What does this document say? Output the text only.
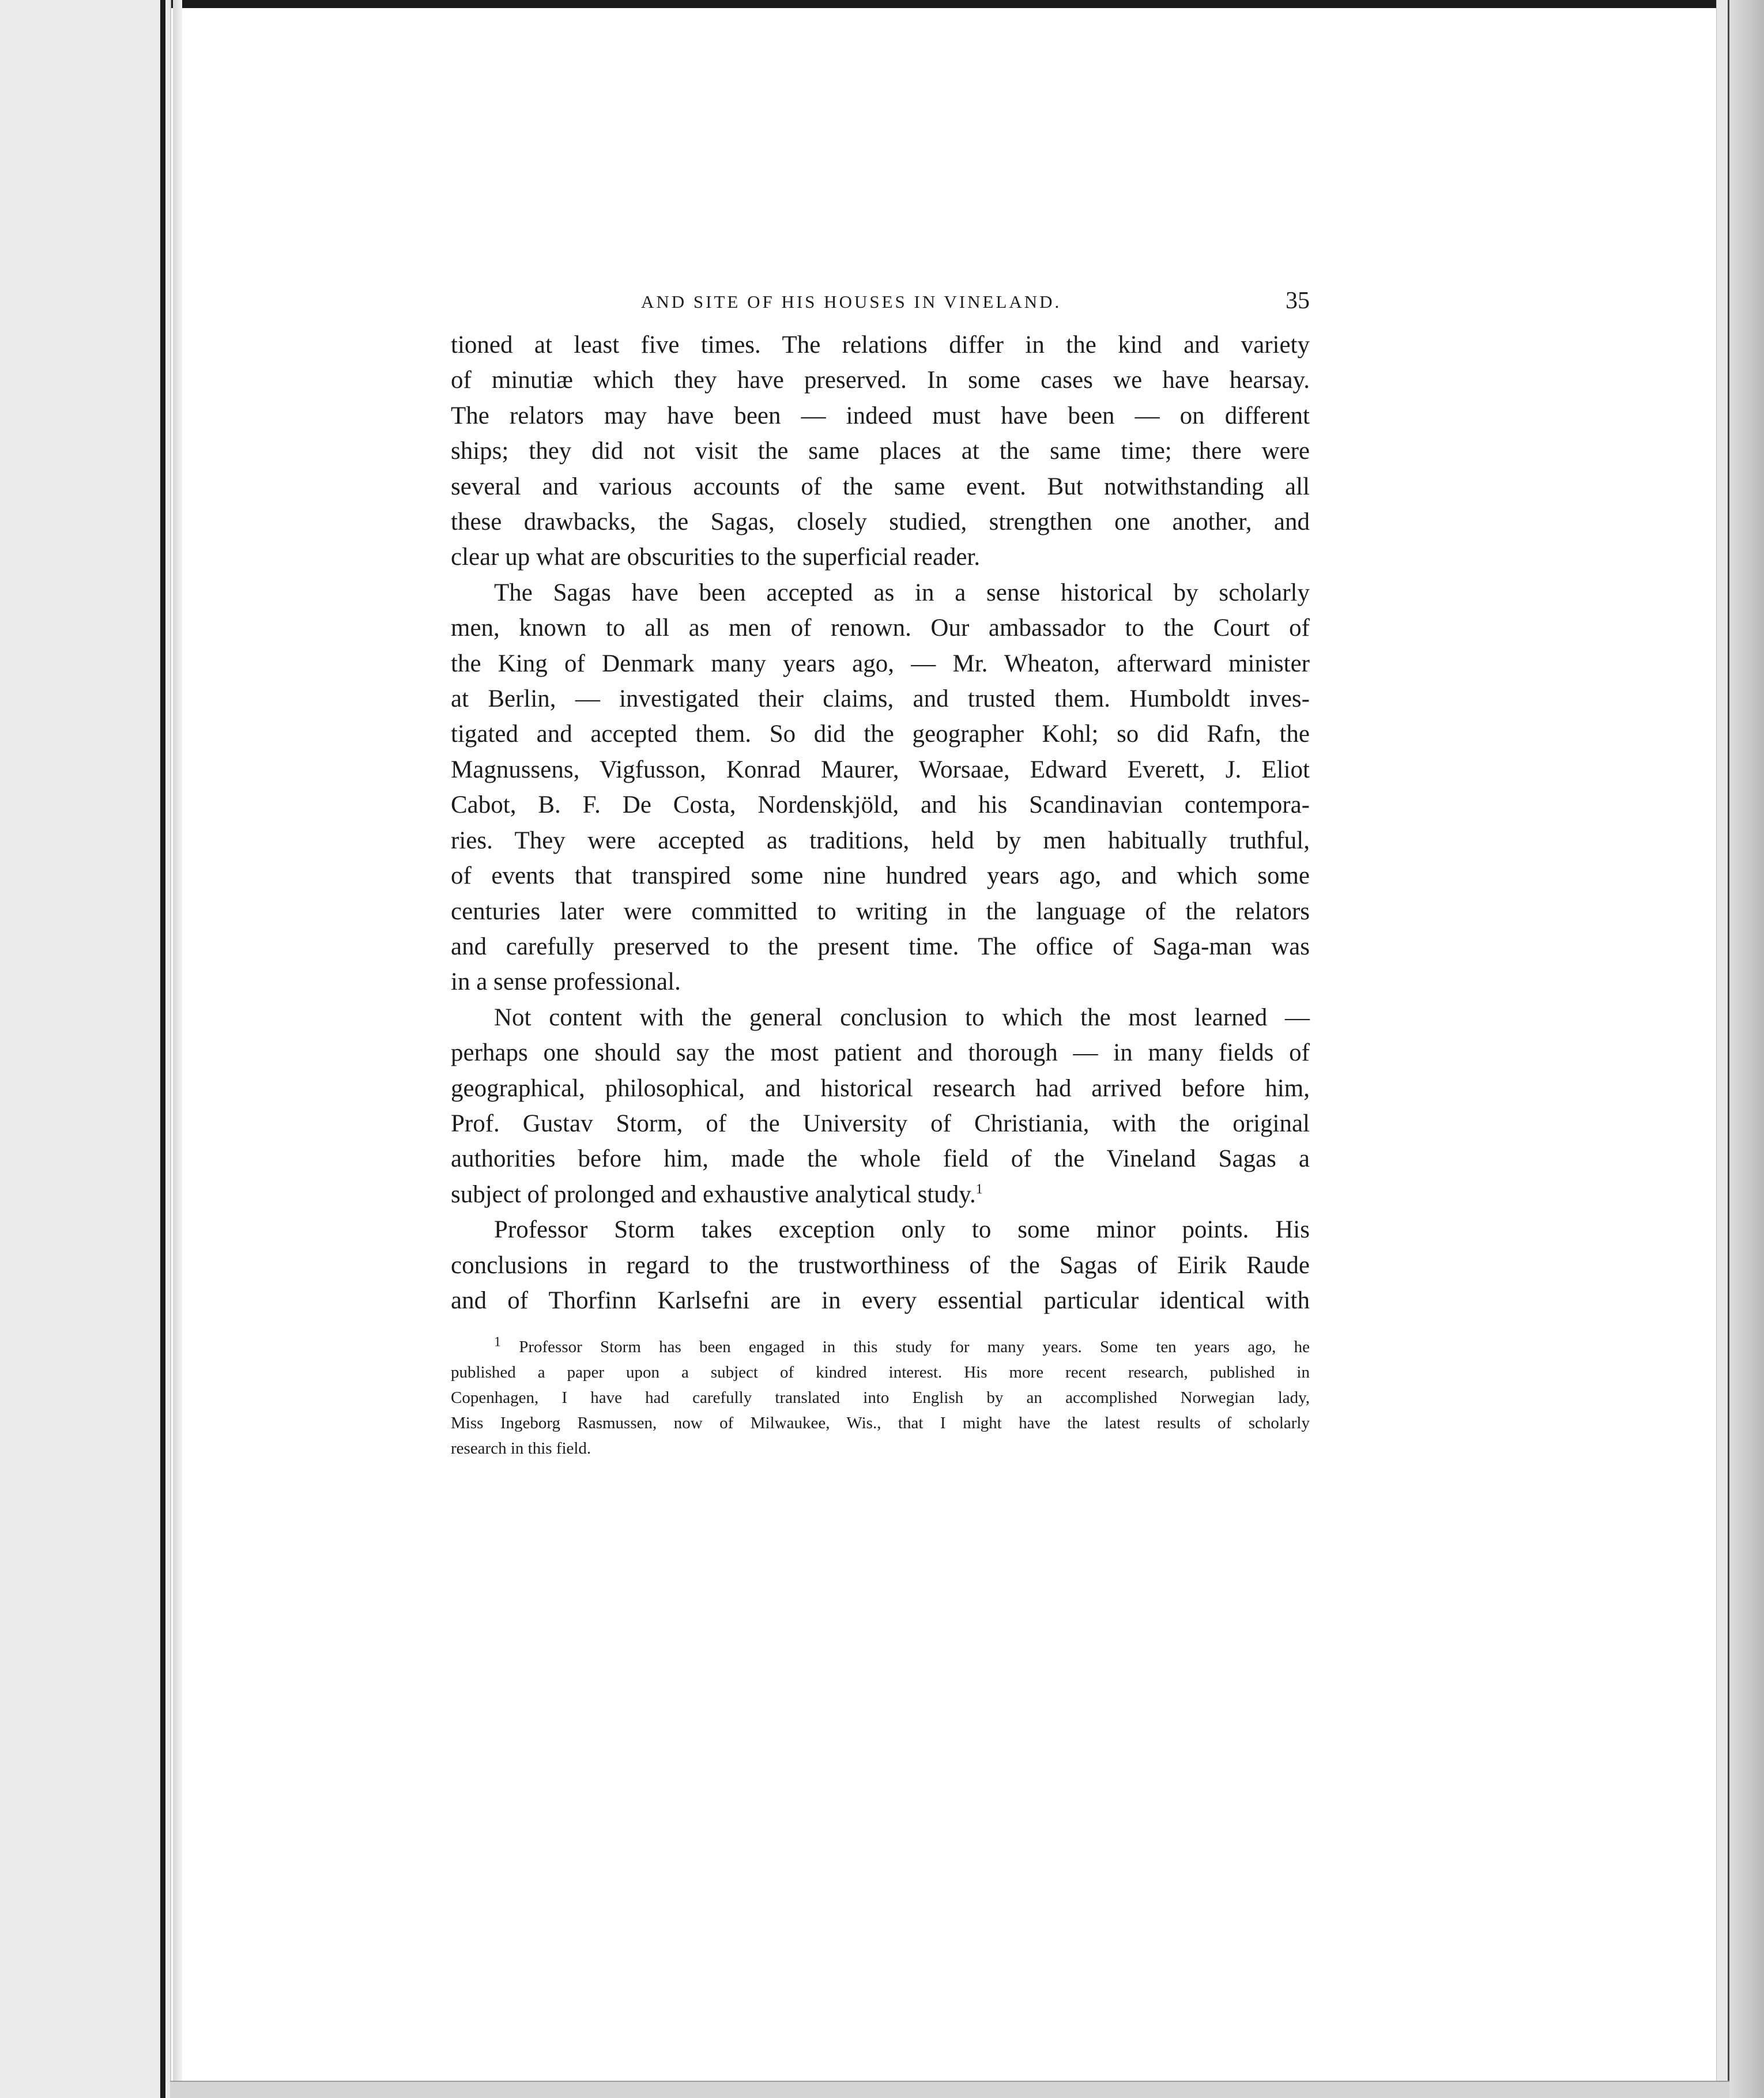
AND SITE OF HIS HOUSES IN VINELAND.	35

tioned at least five times. The relations differ in the kind and variety

of minutiæ which they have preserved. In some cases we have hearsay.

The relators may have been — indeed must have been — on different

ships; they did not visit the same places at the same time; there were

several and various accounts of the same event. But notwithstanding all

these drawbacks, the Sagas, closely studied, strengthen one another, and

clear up what are obscurities to the superficial reader.

The Sagas have been accepted as in a sense historical by scholarly

men, known to all as men of renown. Our ambassador to the Court of

the King of Denmark many years ago, — Mr. Wheaton, afterward minister

at Berlin, — investigated their claims, and trusted them. Humboldt inves-

tigated and accepted them. So did the geographer Kohl; so did Rafn, the

Magnussens, Vigfusson, Konrad Maurer, Worsaae, Edward Everett, J. Eliot

Cabot, B. F. De Costa, Nordenskjöld, and his Scandinavian contempora-

ries. They were accepted as traditions, held by men habitually truthful,

of events that transpired some nine hundred years ago, and which some

centuries later were committed to writing in the language of the relators

and carefully preserved to the present time. The office of Saga-man was

in a sense professional.

Not content with the general conclusion to which the most learned —

perhaps one should say the most patient and thorough — in many fields of

geographical, philosophical, and historical research had arrived before him,

Prof. Gustav Storm, of the University of Christiania, with the original

authorities before him, made the whole field of the Vineland Sagas a

subject of prolonged and exhaustive analytical study.$^1$

Professor Storm takes exception only to some minor points. His

conclusions in regard to the trustworthiness of the Sagas of Eirik Raude

and of Thorfinn Karlsefni are in every essential particular identical with

$^1$ Professor Storm has been engaged in this study for many years. Some ten years ago, he

published a paper upon a subject of kindred interest. His more recent research, published in

Copenhagen, I have had carefully translated into English by an accomplished Norwegian lady,

Miss Ingeborg Rasmussen, now of Milwaukee, Wis., that I might have the latest results of scholarly

research in this field.
